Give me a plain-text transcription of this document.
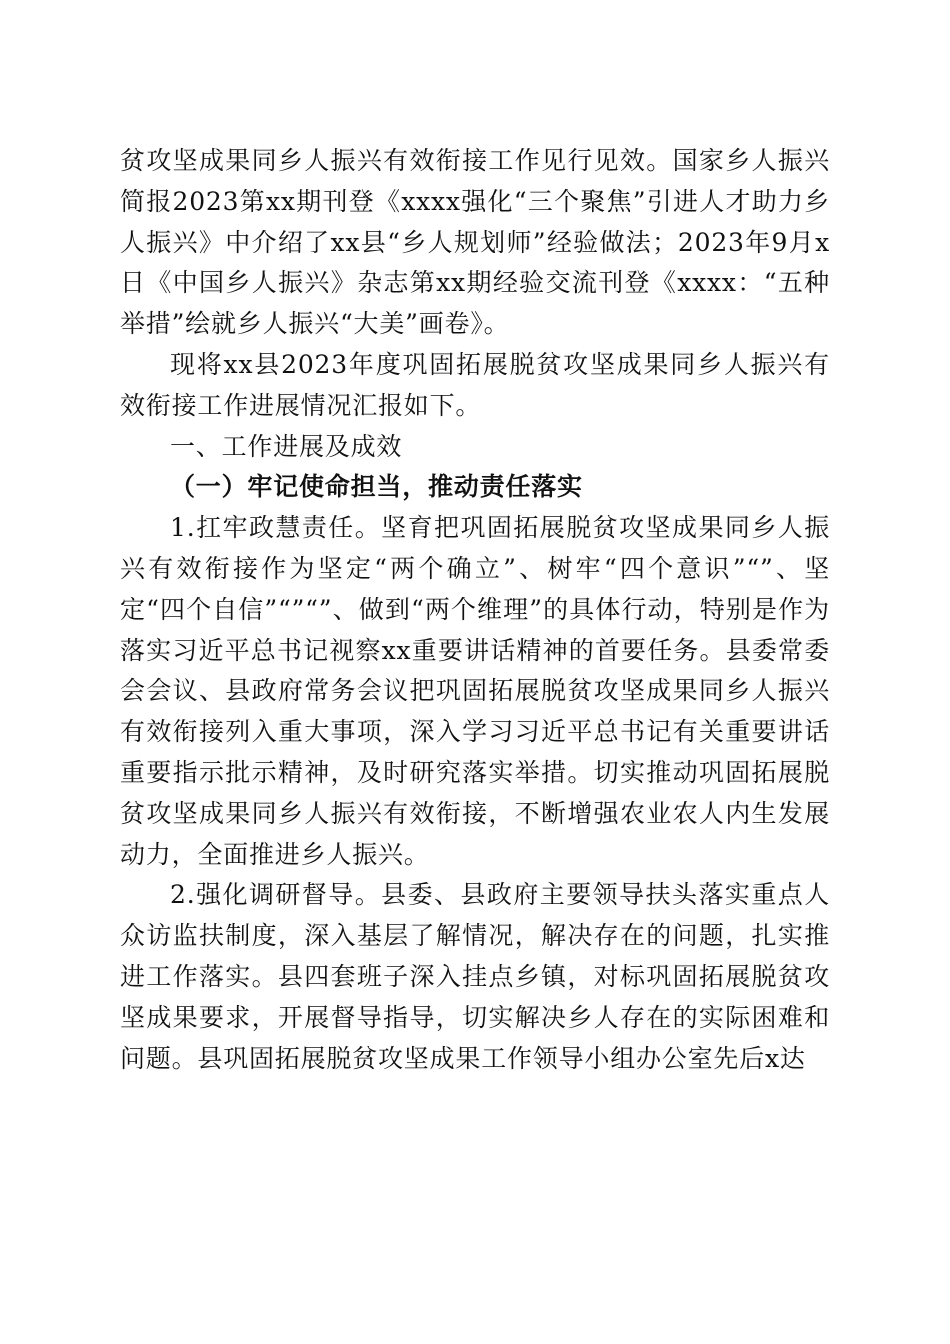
贫攻坚成果同乡人振兴有效衔接工作见行见效。国家乡人振兴简报2023第xx期刊登《xxxx强化“三个聚焦”引进人才助力乡人振兴》中介绍了xx县“乡人规划师”经验做法；2023年9月x日《中国乡人振兴》杂志第xx期经验交流刊登《xxxx：“五种举措”绘就乡人振兴“大美”画卷》。

现将xx县2023年度巩固拓展脱贫攻坚成果同乡人振兴有效衔接工作进展情况汇报如下。

一、工作进展及成效
（一）牢记使命担当，推动责任落实

1.扛牢政慧责任。坚育把巩固拓展脱贫攻坚成果同乡人振兴有效衔接作为坚定“两个确立”、树牢“四个意识”“”、坚定“四个自信”“”“”、做到“两个维理”的具体行动，特别是作为落实习近平总书记视察xx重要讲话精神的首要任务。县委常委会会议、县政府常务会议把巩固拓展脱贫攻坚成果同乡人振兴有效衔接列入重大事项，深入学习习近平总书记有关重要讲话重要指示批示精神，及时研究落实举措。切实推动巩固拓展脱贫攻坚成果同乡人振兴有效衔接，不断增强农业农人内生发展动力，全面推进乡人振兴。

2.强化调研督导。县委、县政府主要领导扶头落实重点人众访监扶制度，深入基层了解情况，解决存在的问题，扎实推进工作落实。县四套班子深入挂点乡镇，对标巩固拓展脱贫攻坚成果要求，开展督导指导，切实解决乡人存在的实际困难和问题。县巩固拓展脱贫攻坚成果工作领导小组办公室先后x达
